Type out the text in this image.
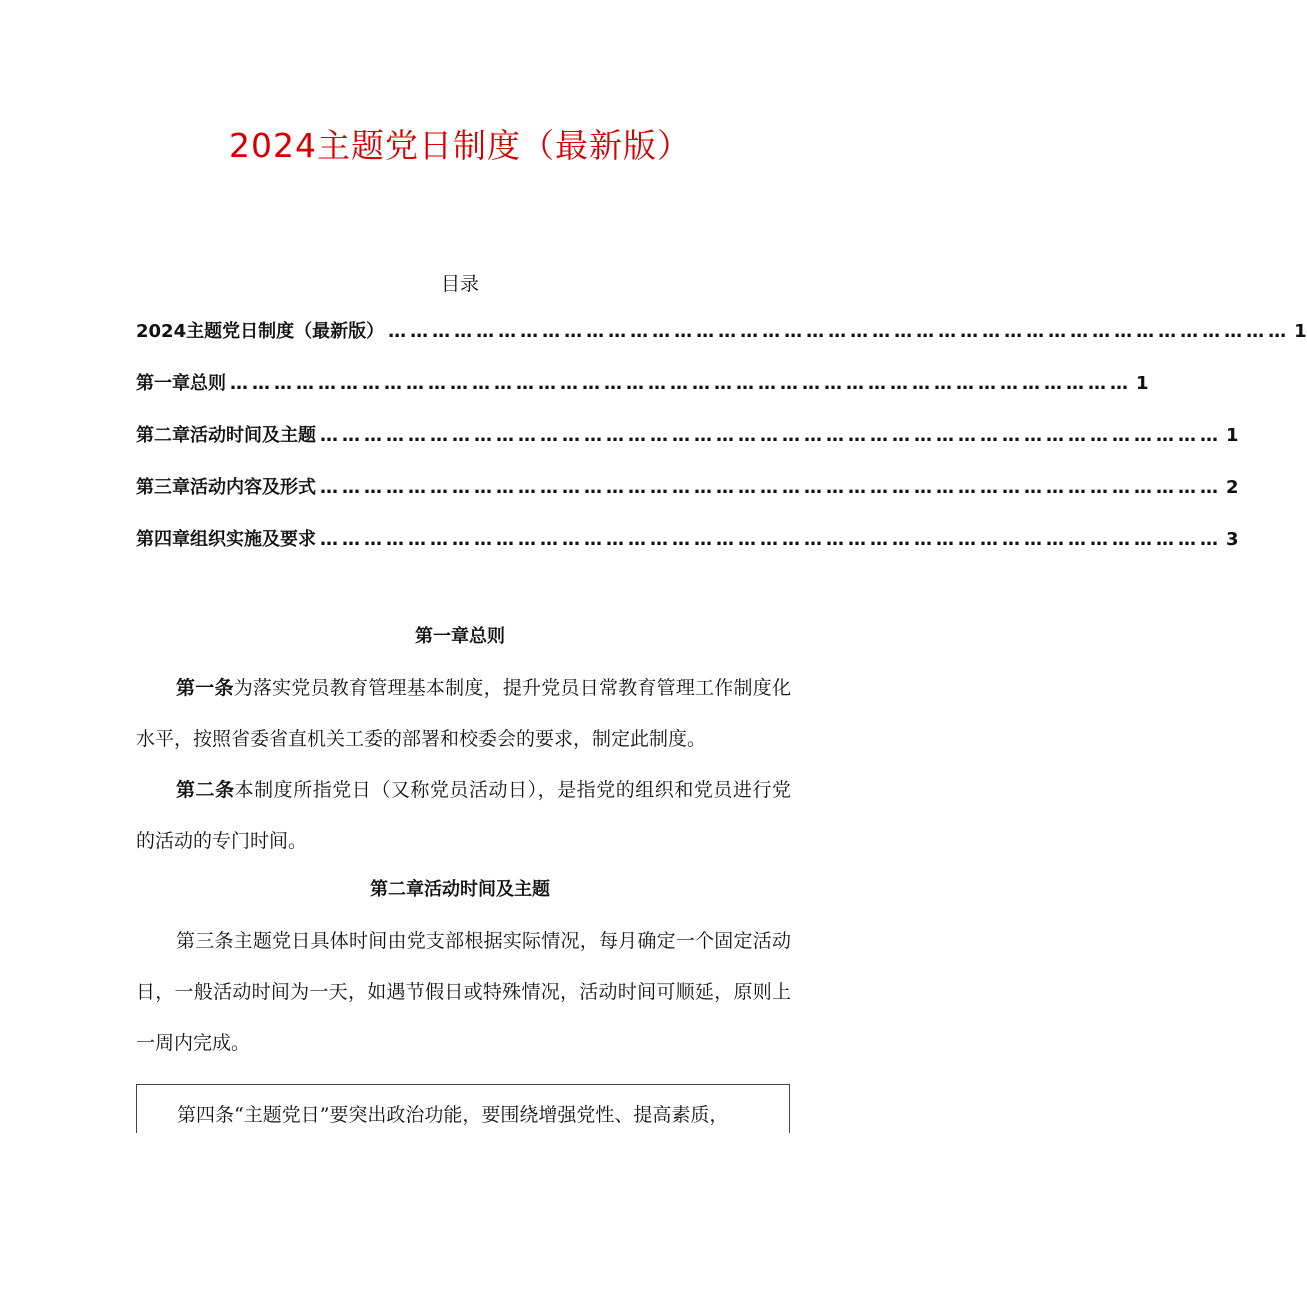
2024主题党日制度（最新版）
目录
2024主题党日制度（最新版） …………………………………………………………………………………………………………… 1
第一章总则 …………………………………………………………………………………………………………… 1
第二章活动时间及主题 …………………………………………………………………………………………………………… 1
第三章活动内容及形式 …………………………………………………………………………………………………………… 2
第四章组织实施及要求 …………………………………………………………………………………………………………… 3
第一章总则

第一条为落实党员教育管理基本制度，提升党员日常教育管理工作制度化水平，按照省委省直机关工委的部署和校委会的要求，制定此制度。

第二条本制度所指党日（又称党员活动日），是指党的组织和党员进行党的活动的专门时间。

第二章活动时间及主题

第三条主题党日具体时间由党支部根据实际情况，每月确定一个固定活动日，一般活动时间为一天，如遇节假日或特殊情况，活动时间可顺延，原则上一周内完成。

第四条“主题党日”要突出政治功能，要围绕增强党性、提高素质，
